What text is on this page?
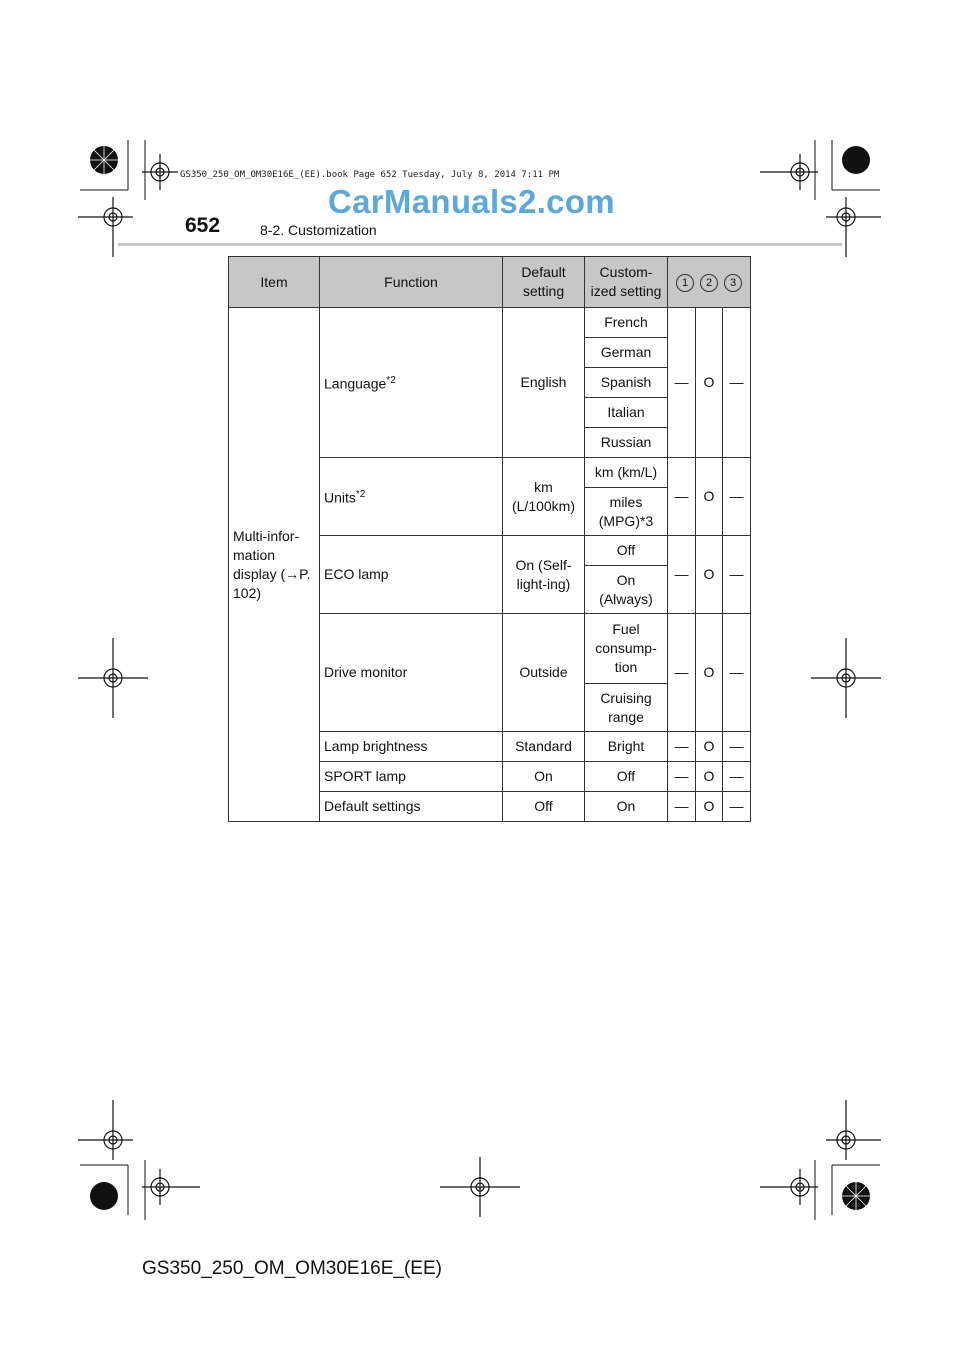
GS350_250_OM_OM30E16E_(EE).book Page 652 Tuesday, July 8, 2014 7:11 PM
CarManuals2.com
652	8-2. Customization
Item	Function	Default setting	Custom-ized setting	1 2 3		
Multi-infor-mation display (→P. 102)	Language$^{*2}$	English	French	—	O	—
			German			
			Spanish			
			Italian			
			Russian			
	Units$^{*2}$	km (L/100km)	km (km/L)	—	O	—
			miles (MPG)*3			
	ECO lamp	On (Self-light-ing)	Off	—	O	—
			On (Always)			
	Drive monitor	Outside	Fuel consump-tion	—	O	—
			Cruising range			
	Lamp brightness	Standard	Bright	—	O	—
	SPORT lamp	On	Off	—	O	—
	Default settings	Off	On	—	O	—
GS350_250_OM_OM30E16E_(EE)
